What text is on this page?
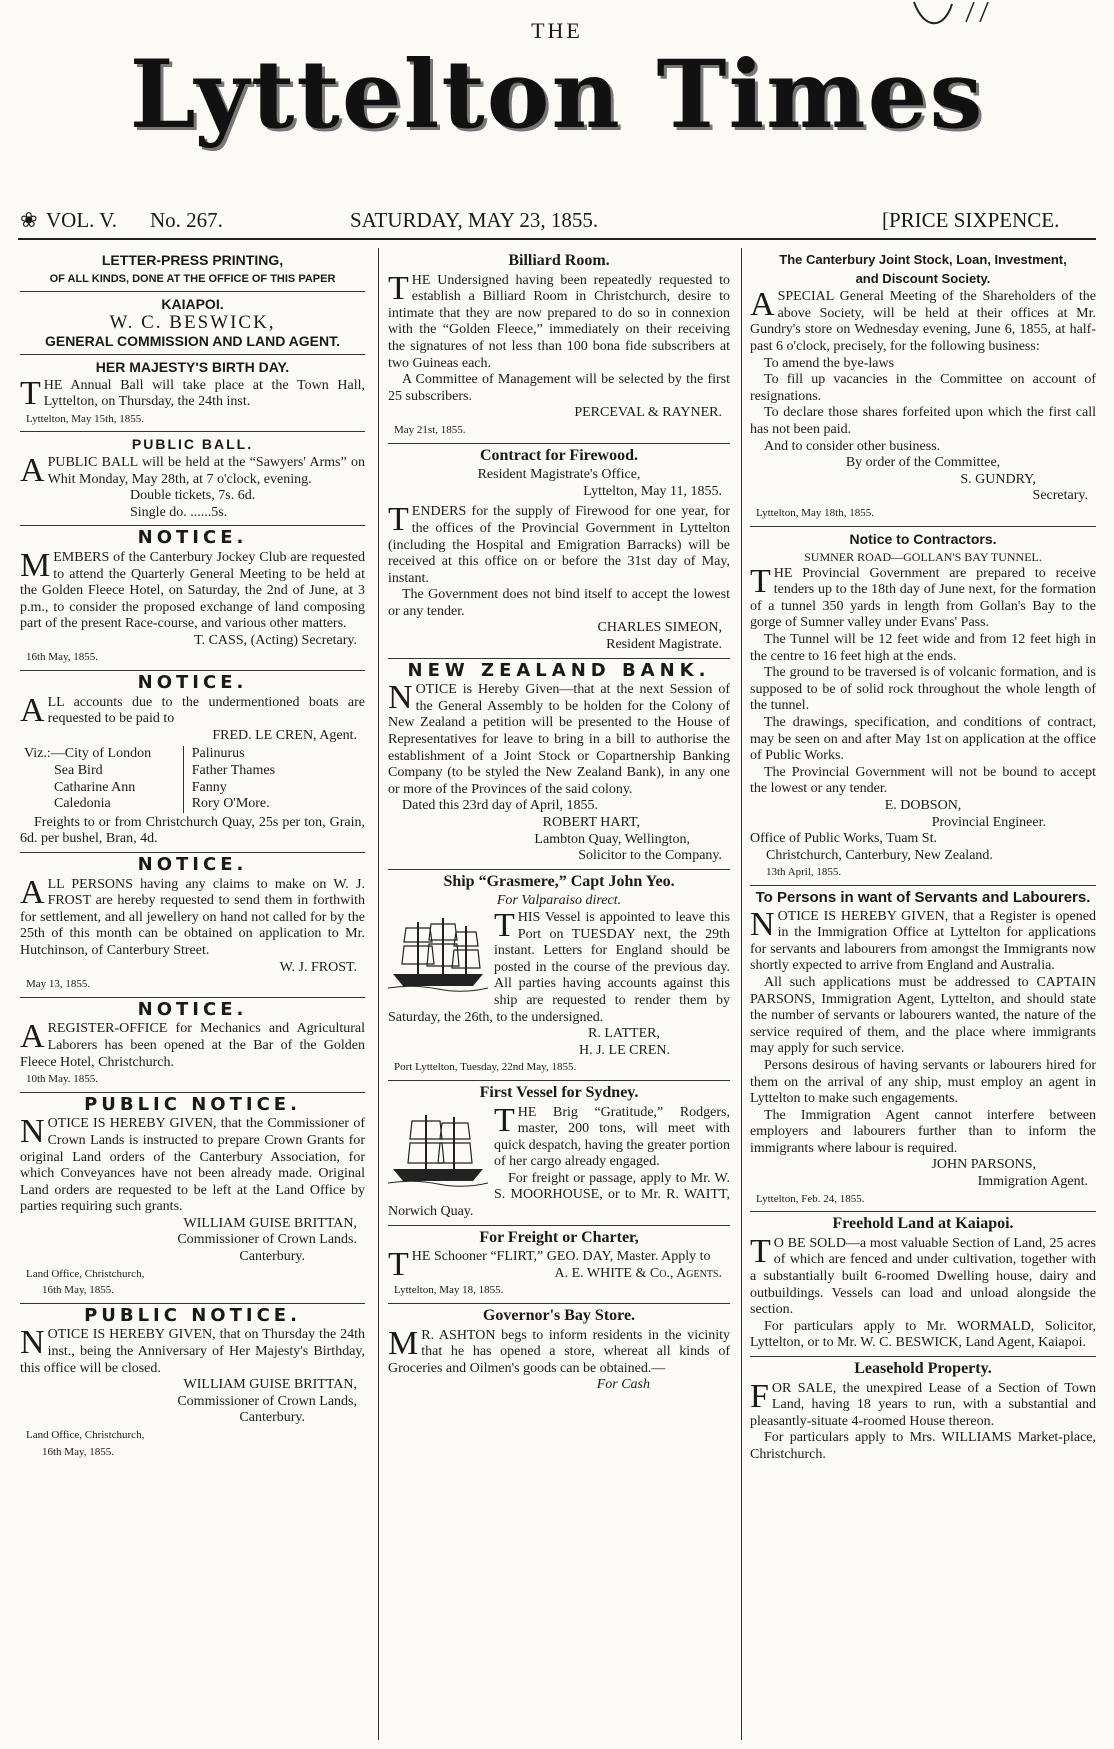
THE
Lyttelton Times
❀ VOL. V. No. 267.	SATURDAY, MAY 23, 1855.	[PRICE SIXPENCE.
LETTER-PRESS PRINTING,
OF ALL KINDS, DONE AT THE OFFICE OF THIS PAPER
KAIAPOI.
W. C. BESWICK,
GENERAL COMMISSION AND LAND AGENT.
HER MAJESTY'S BIRTH DAY.

THE Annual Ball will take place at the Town Hall, Lyttelton, on Thursday, the 24th inst.

Lyttelton, May 15th, 1855.
PUBLIC BALL.

APUBLIC BALL will be held at the “Sawyers' Arms” on Whit Monday, May 28th, at 7 o'clock, evening.

Double tickets, 7s. 6d.
Single do. ......5s.
NOTICE.

MEMBERS of the Canterbury Jockey Club are requested to attend the Quarterly General Meeting to be held at the Golden Fleece Hotel, on Saturday, the 2nd of June, at 3 p.m., to consider the proposed exchange of land composing part of the present Race-course, and various other matters.

T. CASS, (Acting) Secretary.
16th May, 1855.
NOTICE.

ALL accounts due to the undermentioned boats are requested to be paid to

FRED. LE CREN, Agent.
Viz.:—City of London
Sea Bird
Catharine Ann
Caledonia
Palinurus
Father Thames
Fanny
Rory O'More.

Freights to or from Christchurch Quay, 25s per ton, Grain, 6d. per bushel, Bran, 4d.

NOTICE.

ALL PERSONS having any claims to make on W. J. FROST are hereby requested to send them in forthwith for settlement, and all jewellery on hand not called for by the 25th of this month can be obtained on application to Mr. Hutchinson, of Canterbury Street.

W. J. FROST.
May 13, 1855.
NOTICE.

AREGISTER-OFFICE for Mechanics and Agricultural Laborers has been opened at the Bar of the Golden Fleece Hotel, Christchurch.

10th May. 1855.
PUBLIC NOTICE.

NOTICE IS HEREBY GIVEN, that the Commissioner of Crown Lands is instructed to prepare Crown Grants for original Land orders of the Canterbury Association, for which Conveyances have not been already made. Original Land orders are requested to be left at the Land Office by parties requiring such grants.

WILLIAM GUISE BRITTAN,
Commissioner of Crown Lands.
Canterbury.
Land Office, Christchurch,
16th May, 1855.
PUBLIC NOTICE.

NOTICE IS HEREBY GIVEN, that on Thursday the 24th inst., being the Anniversary of Her Majesty's Birthday, this office will be closed.

WILLIAM GUISE BRITTAN,
Commissioner of Crown Lands,
Canterbury.
Land Office, Christchurch,
16th May, 1855.
Billiard Room.

THE Undersigned having been repeatedly requested to establish a Billiard Room in Christchurch, desire to intimate that they are now prepared to do so in connexion with the “Golden Fleece,” immediately on their receiving the signatures of not less than 100 bona fide subscribers at two Guineas each.

A Committee of Management will be selected by the first 25 subscribers.

PERCEVAL & RAYNER.
May 21st, 1855.
Contract for Firewood.
Resident Magistrate's Office,
Lyttelton, May 11, 1855.

TENDERS for the supply of Firewood for one year, for the offices of the Provincial Government in Lyttelton (including the Hospital and Emigration Barracks) will be received at this office on or before the 31st day of May, instant.

The Government does not bind itself to accept the lowest or any tender.

CHARLES SIMEON,
Resident Magistrate.
NEW ZEALAND BANK.

NOTICE is Hereby Given—that at the next Session of the General Assembly to be holden for the Colony of New Zealand a petition will be presented to the House of Representatives for leave to bring in a bill to authorise the establishment of a Joint Stock or Copartnership Banking Company (to be styled the New Zealand Bank), in any one or more of the Provinces of the said colony.

Dated this 23rd day of April, 1855.

ROBERT HART,
Lambton Quay, Wellington,
Solicitor to the Company.
Ship “Grasmere,” Capt John Yeo.
For Valparaiso direct.

THIS Vessel is appointed to leave this Port on TUESDAY next, the 29th instant. Letters for England should be posted in the course of the previous day. All parties having accounts against this ship are requested to render them by Saturday, the 26th, to the undersigned.

R. LATTER,
H. J. LE CREN.
Port Lyttelton, Tuesday, 22nd May, 1855.
First Vessel for Sydney.

THE Brig “Gratitude,” Rodgers, master, 200 tons, will meet with quick despatch, having the greater portion of her cargo already engaged.

For freight or passage, apply to Mr. W. S. MOORHOUSE, or to Mr. R. WAITT, Norwich Quay.

For Freight or Charter,

THE Schooner “FLIRT,” GEO. DAY, Master. Apply to

A. E. WHITE & Co., Agents.
Lyttelton, May 18, 1855.
Governor's Bay Store.

MR. ASHTON begs to inform residents in the vicinity that he has opened a store, whereat all kinds of Groceries and Oilmen's goods can be obtained.—

For Cash
The Canterbury Joint Stock, Loan, Investment,
and Discount Society.

ASPECIAL General Meeting of the Shareholders of the above Society, will be held at their offices at Mr. Gundry's store on Wednesday evening, June 6, 1855, at half-past 6 o'clock, precisely, for the following business:

To amend the bye-laws

To fill up vacancies in the Committee on account of resignations.

To declare those shares forfeited upon which the first call has not been paid.

And to consider other business.

By order of the Committee,
S. GUNDRY,
Secretary.
Lyttelton, May 18th, 1855.
Notice to Contractors.
SUMNER ROAD—GOLLAN'S BAY TUNNEL.

THE Provincial Government are prepared to receive tenders up to the 18th day of June next, for the formation of a tunnel 350 yards in length from Gollan's Bay to the gorge of Sumner valley under Evans' Pass.

The Tunnel will be 12 feet wide and from 12 feet high in the centre to 16 feet high at the ends.

The ground to be traversed is of volcanic formation, and is supposed to be of solid rock throughout the whole length of the tunnel.

The drawings, specification, and conditions of contract, may be seen on and after May 1st on application at the office of Public Works.

The Provincial Government will not be bound to accept the lowest or any tender.

E. DOBSON,
Provincial Engineer.
Office of Public Works, Tuam St.
Christchurch, Canterbury, New Zealand.
13th April, 1855.
To Persons in want of Servants and Labourers.

NOTICE IS HEREBY GIVEN, that a Register is opened in the Immigration Office at Lyttelton for applications for servants and labourers from amongst the Immigrants now shortly expected to arrive from England and Australia.

All such applications must be addressed to CAPTAIN PARSONS, Immigration Agent, Lyttelton, and should state the number of servants or labourers wanted, the nature of the service required of them, and the place where immigrants may apply for such service.

Persons desirous of having servants or labourers hired for them on the arrival of any ship, must employ an agent in Lyttelton to make such engagements.

The Immigration Agent cannot interfere between employers and labourers further than to inform the immigrants where labour is required.

JOHN PARSONS,
Immigration Agent.
Lyttelton, Feb. 24, 1855.
Freehold Land at Kaiapoi.

TO BE SOLD—a most valuable Section of Land, 25 acres of which are fenced and under cultivation, together with a substantially built 6-roomed Dwelling house, dairy and outbuildings. Vessels can load and unload alongside the section.

For particulars apply to Mr. WORMALD, Solicitor, Lyttelton, or to Mr. W. C. BESWICK, Land Agent, Kaiapoi.

Leasehold Property.

FOR SALE, the unexpired Lease of a Section of Town Land, having 18 years to run, with a substantial and pleasantly-situate 4-roomed House thereon.

For particulars apply to Mrs. WILLIAMS Market-place, Christchurch.
